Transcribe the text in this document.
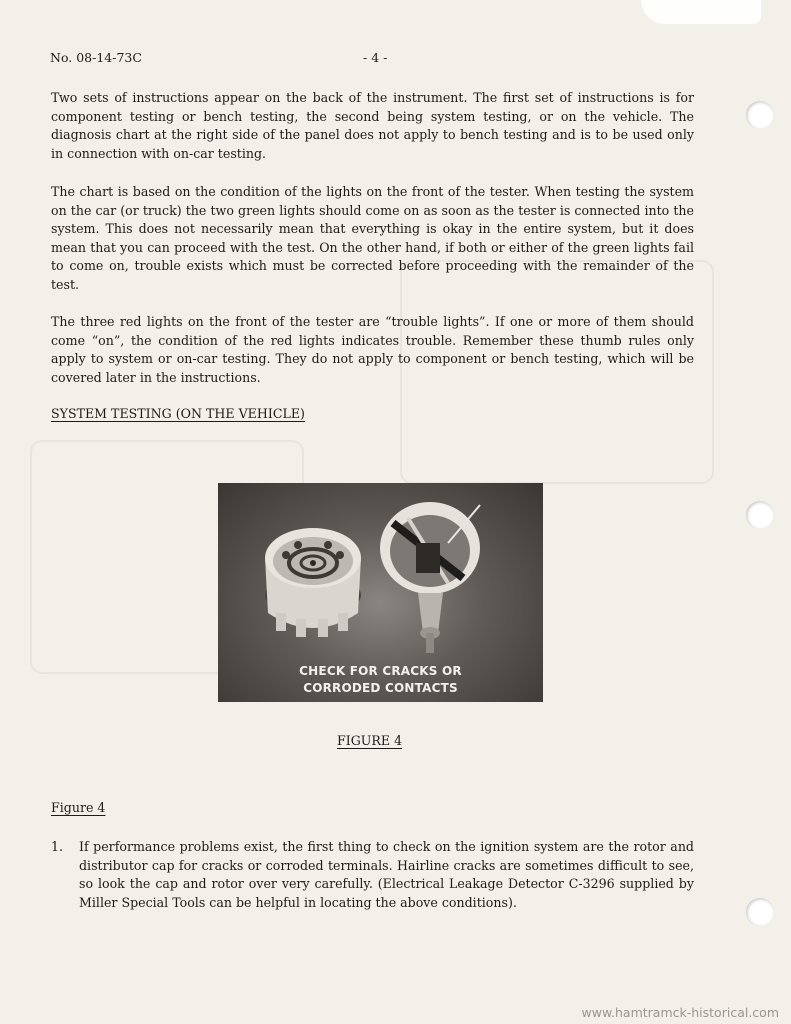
No. 08-14-73C	- 4 -

Two sets of instructions appear on the back of the instrument. The first set of instructions is for component testing or bench testing, the second being system testing, or on the vehicle. The diagnosis chart at the right side of the panel does not apply to bench testing and is to be used only in connection with on-car testing.

The chart is based on the condition of the lights on the front of the tester. When testing the system on the car (or truck) the two green lights should come on as soon as the tester is connected into the system. This does not necessarily mean that everything is okay in the entire system, but it does mean that you can proceed with the test. On the other hand, if both or either of the green lights fail to come on, trouble exists which must be corrected before proceeding with the remainder of the test.

The three red lights on the front of the tester are “trouble lights”. If one or more of them should come “on”, the condition of the red lights indicates trouble. Remember these thumb rules only apply to system or on-car testing. They do not apply to component or bench testing, which will be covered later in the instructions.

SYSTEM TESTING (ON THE VEHICLE)
CHECK FOR CRACKS OR
CORRODED CONTACTS
FIGURE 4
Figure 4
1. If performance problems exist, the first thing to check on the ignition system are the rotor and distributor cap for cracks or corroded terminals. Hairline cracks are sometimes difficult to see, so look the cap and rotor over very carefully. (Electrical Leakage Detector C-3296 supplied by Miller Special Tools can be helpful in locating the above conditions).
www.hamtramck-historical.com
